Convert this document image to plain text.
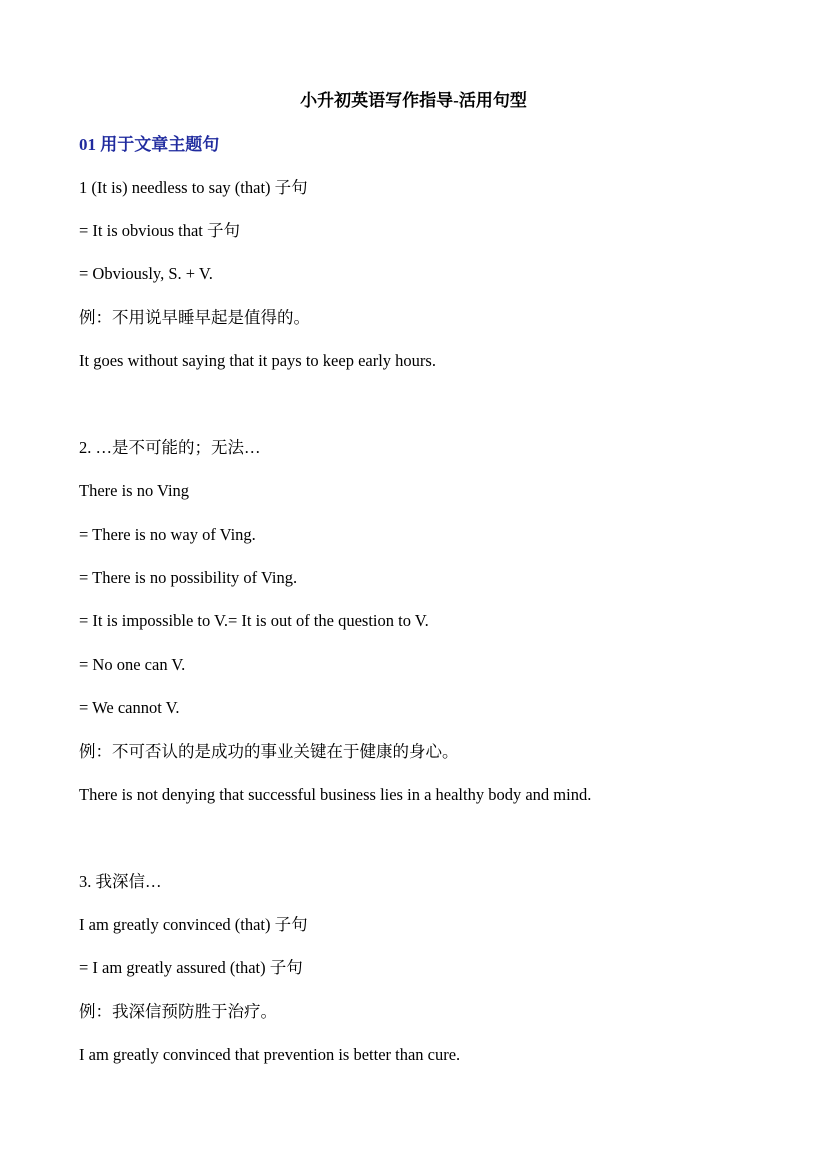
小升初英语写作指导-活用句型
01 用于文章主题句
1 (It is) needless to say (that) 子句
= It is obvious that 子句
= Obviously, S. + V.
例：不用说早睡早起是值得的。
It goes without saying that it pays to keep early hours.
2. …是不可能的；无法…
There is no Ving
= There is no way of Ving.
= There is no possibility of Ving.
= It is impossible to V.= It is out of the question to V.
= No one can V.
= We cannot V.
例：不可否认的是成功的事业关键在于健康的身心。
There is not denying that successful business lies in a healthy body and mind.
3. 我深信…
I am greatly convinced (that) 子句
= I am greatly assured (that) 子句
例：我深信预防胜于治疗。
I am greatly convinced that prevention is better than cure.
